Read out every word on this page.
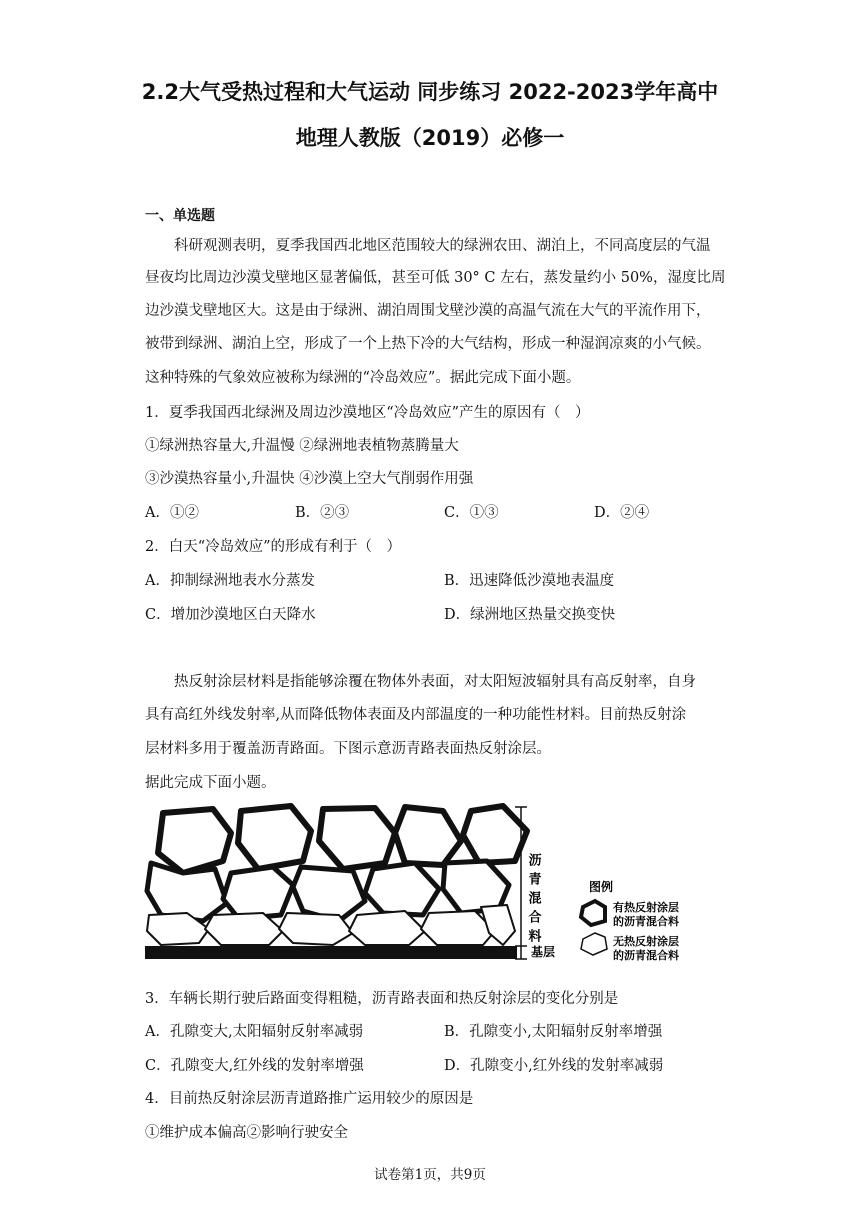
2.2大气受热过程和大气运动 同步练习 2022-2023学年高中
地理人教版（2019）必修一
一、单选题
科研观测表明，夏季我国西北地区范围较大的绿洲农田、湖泊上，不同高度层的气温
昼夜均比周边沙漠戈壁地区显著偏低，甚至可低 30° C 左右，蒸发量约小 50%，湿度比周
边沙漠戈壁地区大。这是由于绿洲、湖泊周围戈壁沙漠的高温气流在大气的平流作用下，
被带到绿洲、湖泊上空，形成了一个上热下冷的大气结构，形成一种湿润凉爽的小气候。
这种特殊的气象效应被称为绿洲的“冷岛效应”。据此完成下面小题。
1．夏季我国西北绿洲及周边沙漠地区“冷岛效应”产生的原因有（　）
①绿洲热容量大,升温慢 ②绿洲地表植物蒸腾量大
③沙漠热容量小,升温快 ④沙漠上空大气削弱作用强
A．①②	B．②③	C．①③	D．②④
2．白天“冷岛效应”的形成有利于（　）
A．抑制绿洲地表水分蒸发	B．迅速降低沙漠地表温度
C．增加沙漠地区白天降水	D．绿洲地区热量交换变快
热反射涂层材料是指能够涂覆在物体外表面，对太阳短波辐射具有高反射率，自身
具有高红外线发射率,从而降低物体表面及内部温度的一种功能性材料。目前热反射涂
层材料多用于覆盖沥青路面。下图示意沥青路表面热反射涂层。
据此完成下面小题。
沥青混合料
基层
图例
有热反射涂层
的沥青混合料
无热反射涂层
的沥青混合料
3．车辆长期行驶后路面变得粗糙，沥青路表面和热反射涂层的变化分别是
A．孔隙变大,太阳辐射反射率减弱	B．孔隙变小,太阳辐射反射率增强
C．孔隙变大,红外线的发射率增强	D．孔隙变小,红外线的发射率减弱
4．目前热反射涂层沥青道路推广运用较少的原因是
①维护成本偏高②影响行驶安全
试卷第1页，共9页
